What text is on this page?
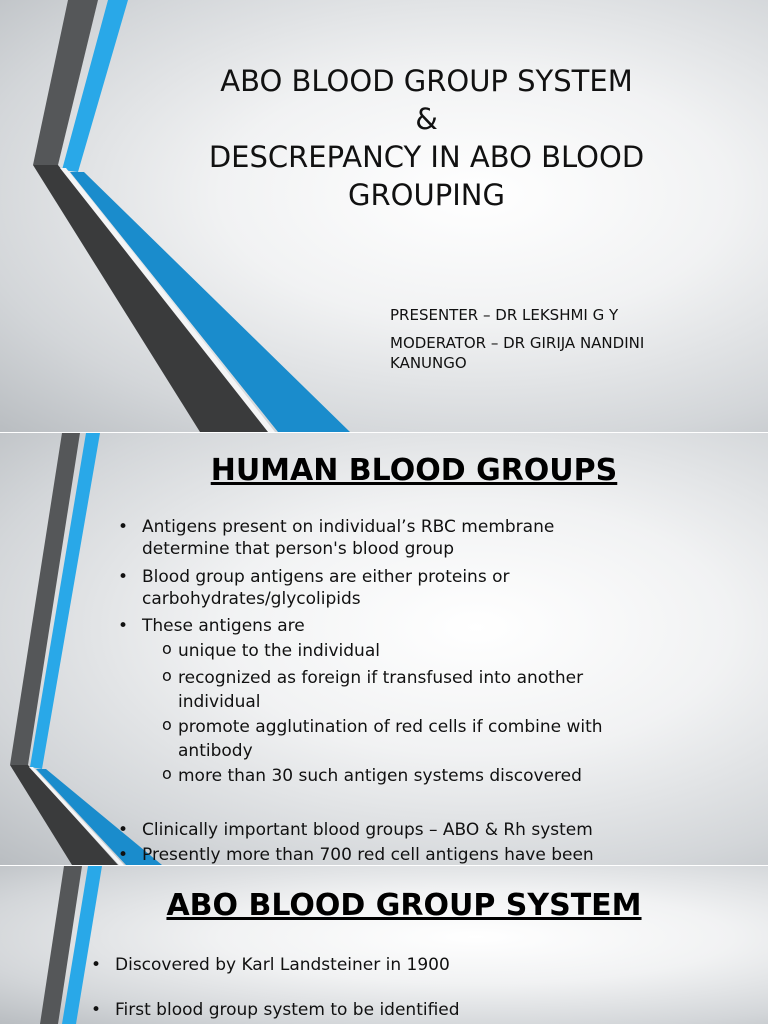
ABO BLOOD GROUP SYSTEM
&
DESCREPANCY IN ABO BLOOD
GROUPING
PRESENTER – DR LEKSHMI G Y
MODERATOR – DR GIRIJA NANDINI
KANUNGO
HUMAN BLOOD GROUPS
• Antigens present on individual’s RBC membrane
determine that person's blood group
• Blood group antigens are either proteins or
carbohydrates/glycolipids
• These antigens are
o unique to the individual
o recognized as foreign if transfused into another
individual
o promote agglutination of red cells if combine with
antibody
o more than 30 such antigen systems discovered
• Clinically important blood groups – ABO & Rh system
• Presently more than 700 red cell antigens have been
ABO BLOOD GROUP SYSTEM
• Discovered by Karl Landsteiner in 1900
• First blood group system to be identified
